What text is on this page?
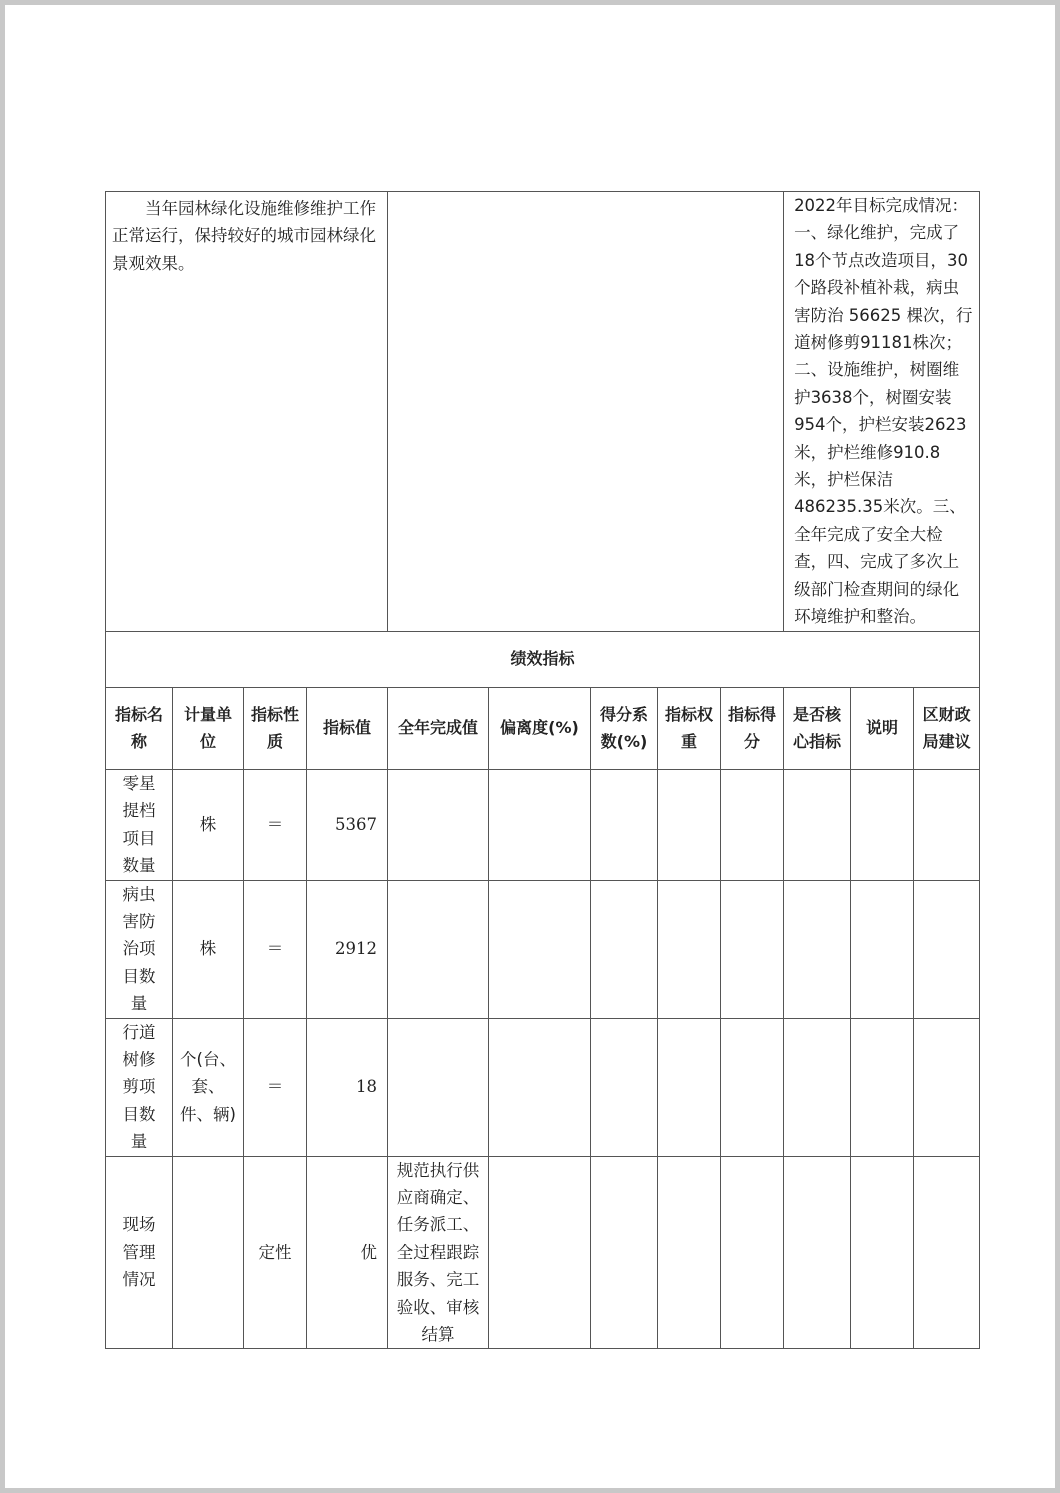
当年园林绿化设施维修维护工作正常运行，保持较好的城市园林绿化景观效果。									2022年目标完成情况：一、绿化维护，完成了18个节点改造项目，30个路段补植补栽，病虫害防治 56625 棵次，行道树修剪91181株次；二、设施维护，树圈维护3638个，树圈安装954个，护栏安装2623米，护栏维修910.8米，护栏保洁486235.35米次。三、全年完成了安全大检查，四、完成了多次上级部门检查期间的绿化环境维护和整治。		
绩效指标											
指标名称	计量单位	指标性质	指标值	全年完成值	偏离度(%)	得分系数(%)	指标权重	指标得分	是否核心指标	说明	区财政局建议
零星提档项目数量	株	＝	5367								
病虫害防治项目数量	株	＝	2912								
行道树修剪项目数量	个(台、套、件、辆)	＝	18								
现场管理情况		定性	优	规范执行供应商确定、任务派工、全过程跟踪服务、完工验收、审核结算							
